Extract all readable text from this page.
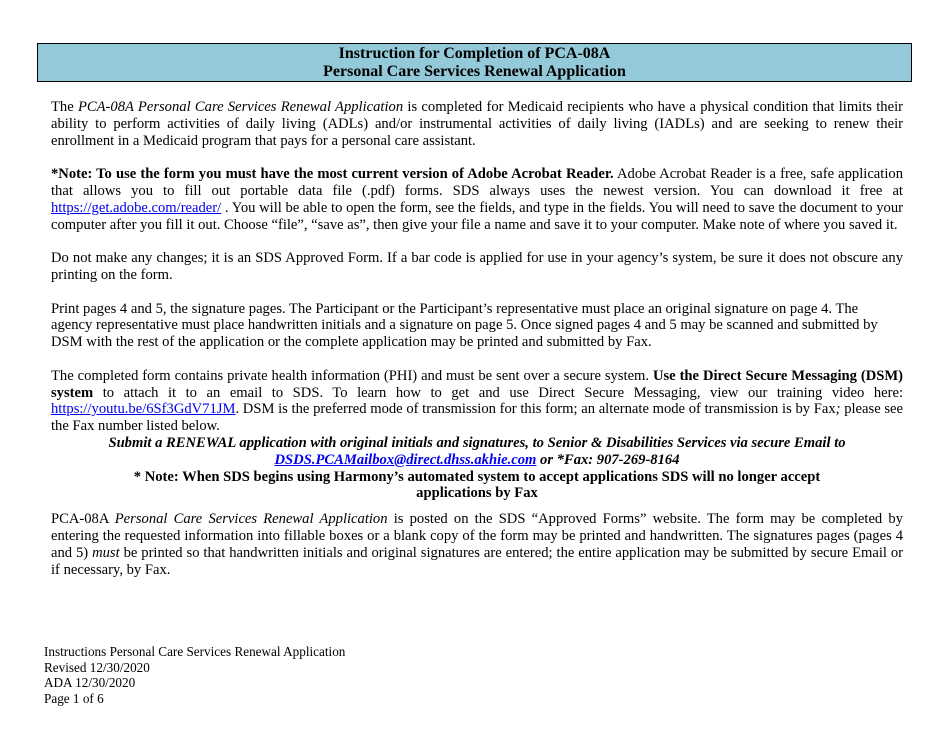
Instruction for Completion of PCA-08A
Personal Care Services Renewal Application

The PCA-08A Personal Care Services Renewal Application is completed for Medicaid recipients who have a physical condition that limits their ability to perform activities of daily living (ADLs) and/or instrumental activities of daily living (IADLs) and are seeking to renew their enrollment in a Medicaid program that pays for a personal care assistant.

*Note: To use the form you must have the most current version of Adobe Acrobat Reader. Adobe Acrobat Reader is a free, safe application that allows you to fill out portable data file (.pdf) forms. SDS always uses the newest version. You can download it free at https://get.adobe.com/reader/ . You will be able to open the form, see the fields, and type in the fields. You will need to save the document to your computer after you fill it out. Choose “file”, “save as”, then give your file a name and save it to your computer. Make note of where you saved it.

Do not make any changes; it is an SDS Approved Form. If a bar code is applied for use in your agency’s system, be sure it does not obscure any printing on the form.

Print pages 4 and 5, the signature pages. The Participant or the Participant’s representative must place an original signature on page 4. The
agency representative must place handwritten initials and a signature on page 5. Once signed pages 4 and 5 may be scanned and submitted by
DSM with the rest of the application or the complete application may be printed and submitted by Fax.

The completed form contains private health information (PHI) and must be sent over a secure system. Use the Direct Secure Messaging (DSM) system to attach it to an email to SDS. To learn how to get and use Direct Secure Messaging, view our training video here: https://youtu.be/6Sf3GdV71JM. DSM is the preferred mode of transmission for this form; an alternate mode of transmission is by Fax; please see the Fax number listed below.

Submit a RENEWAL application with original initials and signatures, to Senior & Disabilities Services via secure Email to
DSDS.PCAMailbox@direct.dhss.akhie.com or *Fax: 907-269-8164

* Note: When SDS begins using Harmony’s automated system to accept applications SDS will no longer accept
applications by Fax

PCA-08A Personal Care Services Renewal Application is posted on the SDS “Approved Forms” website. The form may be completed by entering the requested information into fillable boxes or a blank copy of the form may be printed and handwritten. The signatures pages (pages 4 and 5) must be printed so that handwritten initials and original signatures are entered; the entire application may be submitted by secure Email or if necessary, by Fax.

Instructions Personal Care Services Renewal Application
Revised 12/30/2020
ADA 12/30/2020
Page 1 of 6
